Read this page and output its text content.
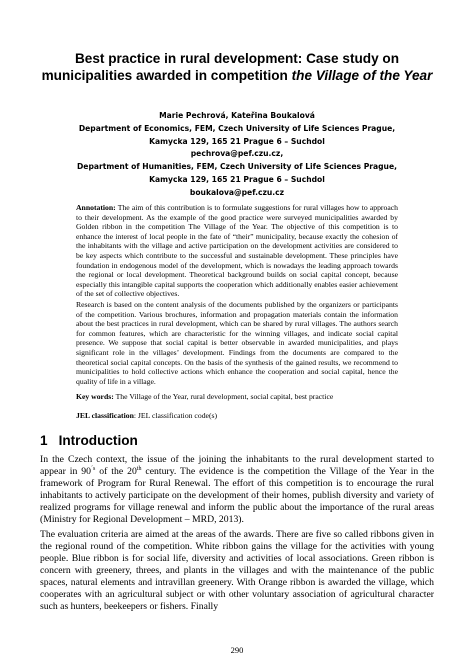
Best practice in rural development: Case study on municipalities awarded in competition the Village of the Year
Marie Pechrová, Kateřina Boukalová
Department of Economics, FEM, Czech University of Life Sciences Prague,
Kamycka 129, 165 21 Prague 6 – Suchdol
pechrova@pef.czu.cz,
Department of Humanities, FEM, Czech University of Life Sciences Prague,
Kamycka 129, 165 21 Prague 6 – Suchdol
boukalova@pef.czu.cz

Annotation: The aim of this contribution is to formulate suggestions for rural villages how to approach to their development. As the example of the good practice were surveyed municipalities awarded by Golden ribbon in the competition The Village of the Year. The objective of this competition is to enhance the interest of local people in the fate of “their” municipality, because exactly the cohesion of the inhabitants with the village and active participation on the development activities are considered to be key aspects which contribute to the successful and sustainable development. These principles have foundation in endogenous model of the development, which is nowadays the leading approach towards the regional or local development. Theoretical background builds on social capital concept, because especially this intangible capital supports the cooperation which additionally enables easier achievement of the set of collective objectives.

Research is based on the content analysis of the documents published by the organizers or participants of the competition. Various brochures, information and propagation materials contain the information about the best practices in rural development, which can be shared by rural villages. The authors search for common features, which are characteristic for the winning villages, and indicate social capital presence. We suppose that social capital is better observable in awarded municipalities, and plays significant role in the villages’ development. Findings from the documents are compared to the theoretical social capital concepts. On the basis of the synthesis of the gained results, we recommend to municipalities to hold collective actions which enhance the cooperation and social capital, hence the quality of life in a village.

Key words: The Village of the Year, rural development, social capital, best practice
JEL classification: JEL classification code(s)
1 Introduction

In the Czech context, the issue of the joining the inhabitants to the rural development started to appear in $90^{´s}$ of the 20th century. The evidence is the competition the Village of the Year in the framework of Program for Rural Renewal. The effort of this competition is to encourage the rural inhabitants to actively participate on the development of their homes, publish diversity and variety of realized programs for village renewal and inform the public about the importance of the rural areas (Ministry for Regional Development – MRD, 2013).

The evaluation criteria are aimed at the areas of the awards. There are five so called ribbons given in the regional round of the competition. White ribbon gains the village for the activities with young people. Blue ribbon is for social life, diversity and activities of local associations. Green ribbon is concern with greenery, threes, and plants in the villages and with the maintenance of the public spaces, natural elements and intravillan greenery. With Orange ribbon is awarded the village, which cooperates with an agricultural subject or with other voluntary association of agricultural character such as hunters, beekeepers or fishers. Finally

290
